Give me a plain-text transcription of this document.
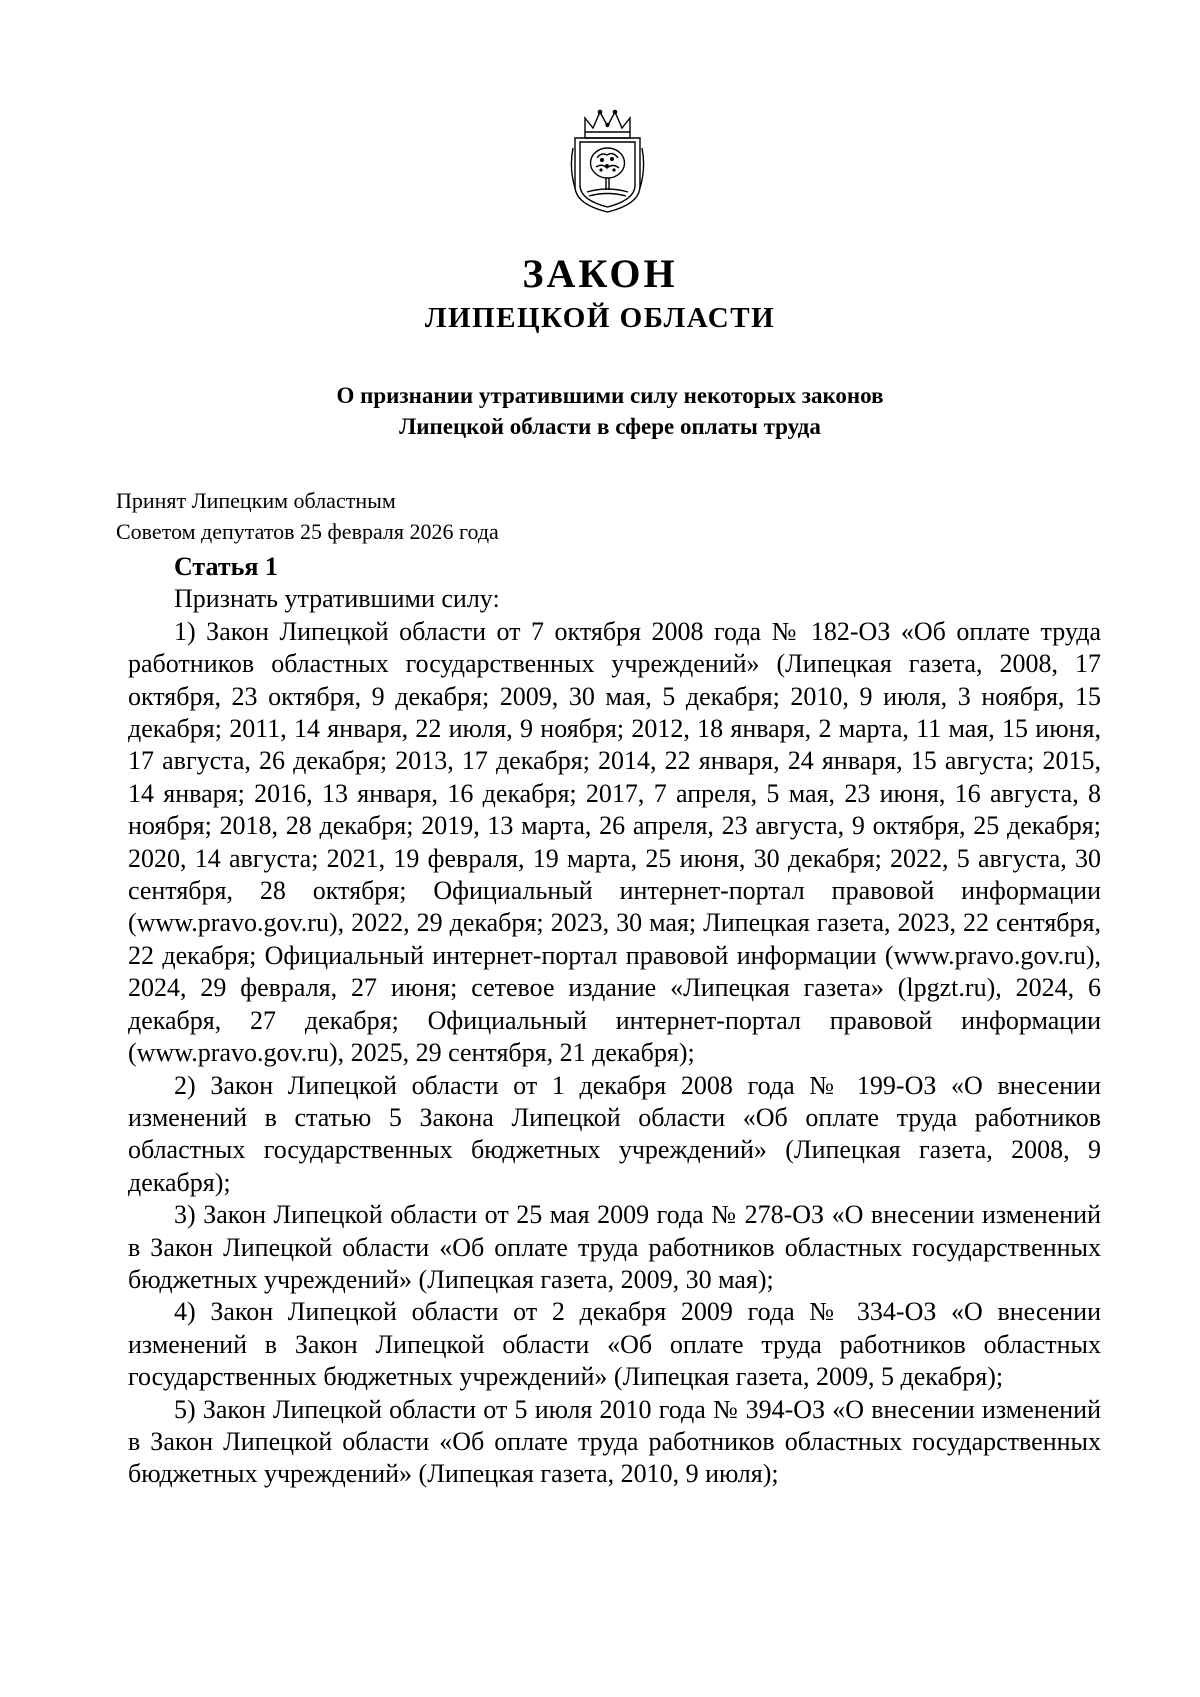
ЗАКОН
ЛИПЕЦКОЙ ОБЛАСТИ
О признании утратившими силу некоторых законов
Липецкой области в сфере оплаты труда
Принят Липецким областным
Советом депутатов 25 февраля 2026 года

Статья 1

Признать утратившими силу:

1) Закон Липецкой области от 7 октября 2008 года № 182-ОЗ «Об оплате труда работников областных государственных учреждений» (Липецкая газета, 2008, 17 октября, 23 октября, 9 декабря; 2009, 30 мая, 5 декабря; 2010, 9 июля, 3 ноября, 15 декабря; 2011, 14 января, 22 июля, 9 ноября; 2012, 18 января, 2 марта, 11 мая, 15 июня, 17 августа, 26 декабря; 2013, 17 декабря; 2014, 22 января, 24 января, 15 августа; 2015, 14 января; 2016, 13 января, 16 декабря; 2017, 7 апреля, 5 мая, 23 июня, 16 августа, 8 ноября; 2018, 28 декабря; 2019, 13 марта, 26 апреля, 23 августа, 9 октября, 25 декабря; 2020, 14 августа; 2021, 19 февраля, 19 марта, 25 июня, 30 декабря; 2022, 5 августа, 30 сентября, 28 октября; Официальный интернет-портал правовой информации (www.pravo.gov.ru), 2022, 29 декабря; 2023, 30 мая; Липецкая газета, 2023, 22 сентября, 22 декабря; Официальный интернет-портал правовой информации (www.pravo.gov.ru), 2024, 29 февраля, 27 июня; сетевое издание «Липецкая газета» (lpgzt.ru), 2024, 6 декабря, 27 декабря; Официальный интернет-портал правовой информации (www.pravo.gov.ru), 2025, 29 сентября, 21 декабря);

2) Закон Липецкой области от 1 декабря 2008 года № 199-ОЗ «О внесении изменений в статью 5 Закона Липецкой области «Об оплате труда работников областных государственных бюджетных учреждений» (Липецкая газета, 2008, 9 декабря);

3) Закон Липецкой области от 25 мая 2009 года № 278-ОЗ «О внесении изменений в Закон Липецкой области «Об оплате труда работников областных государственных бюджетных учреждений» (Липецкая газета, 2009, 30 мая);

4) Закон Липецкой области от 2 декабря 2009 года № 334-ОЗ «О внесении изменений в Закон Липецкой области «Об оплате труда работников областных государственных бюджетных учреждений» (Липецкая газета, 2009, 5 декабря);

5) Закон Липецкой области от 5 июля 2010 года № 394-ОЗ «О внесении изменений в Закон Липецкой области «Об оплате труда работников областных государственных бюджетных учреждений» (Липецкая газета, 2010, 9 июля);
